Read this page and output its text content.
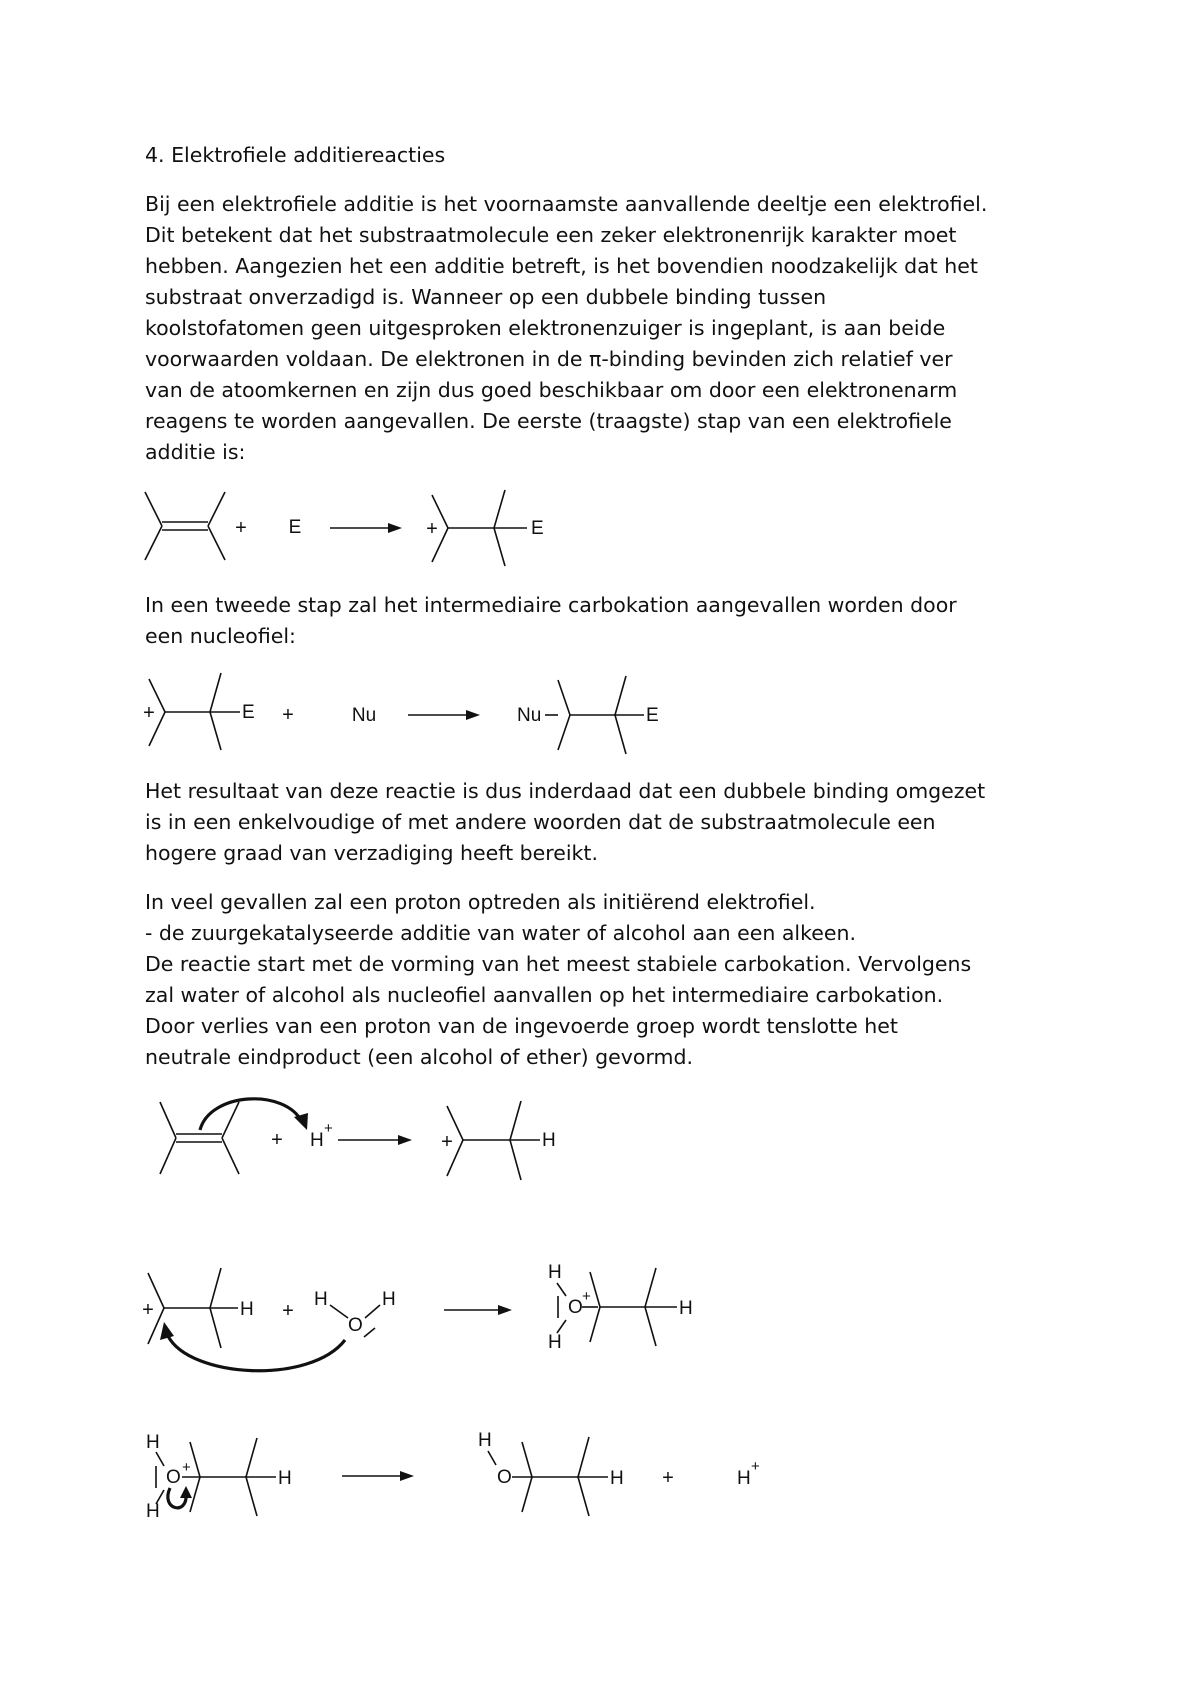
4. Elektrofiele additiereacties

Bij een elektrofiele additie is het voornaamste aanvallende deeltje een elektrofiel.
Dit betekent dat het substraatmolecule een zeker elektronenrijk karakter moet
hebben. Aangezien het een additie betreft, is het bovendien noodzakelijk dat het
substraat onverzadigd is. Wanneer op een dubbele binding tussen
koolstofatomen geen uitgesproken elektronenzuiger is ingeplant, is aan beide
voorwaarden voldaan. De elektronen in de π-binding bevinden zich relatief ver
van de atoomkernen en zijn dus goed beschikbaar om door een elektronenarm
reagens te worden aangevallen. De eerste (traagste) stap van een elektrofiele
additie is:

+ E	+	E

In een tweede stap zal het intermediaire carbokation aangevallen worden door
een nucleofiel:

+	E +	Nu	Nu	E

Het resultaat van deze reactie is dus inderdaad dat een dubbele binding omgezet
is in een enkelvoudige of met andere woorden dat de substraatmolecule een
hogere graad van verzadiging heeft bereikt.

In veel gevallen zal een proton optreden als initiërend elektrofiel.
- de zuurgekatalyseerde additie van water of alcohol aan een alkeen.
De reactie start met de vorming van het meest stabiele carbokation. Vervolgens
zal water of alcohol als nucleofiel aanvallen op het intermediaire carbokation.
Door verlies van een proton van de ingevoerde groep wordt tenslotte het
neutrale eindproduct (een alcohol of ether) gevormd.

+ H
+
+	H
+	H +
H	H
O
H
H
O
+
H
H
H
O +
H
H
O	H +	H
+
